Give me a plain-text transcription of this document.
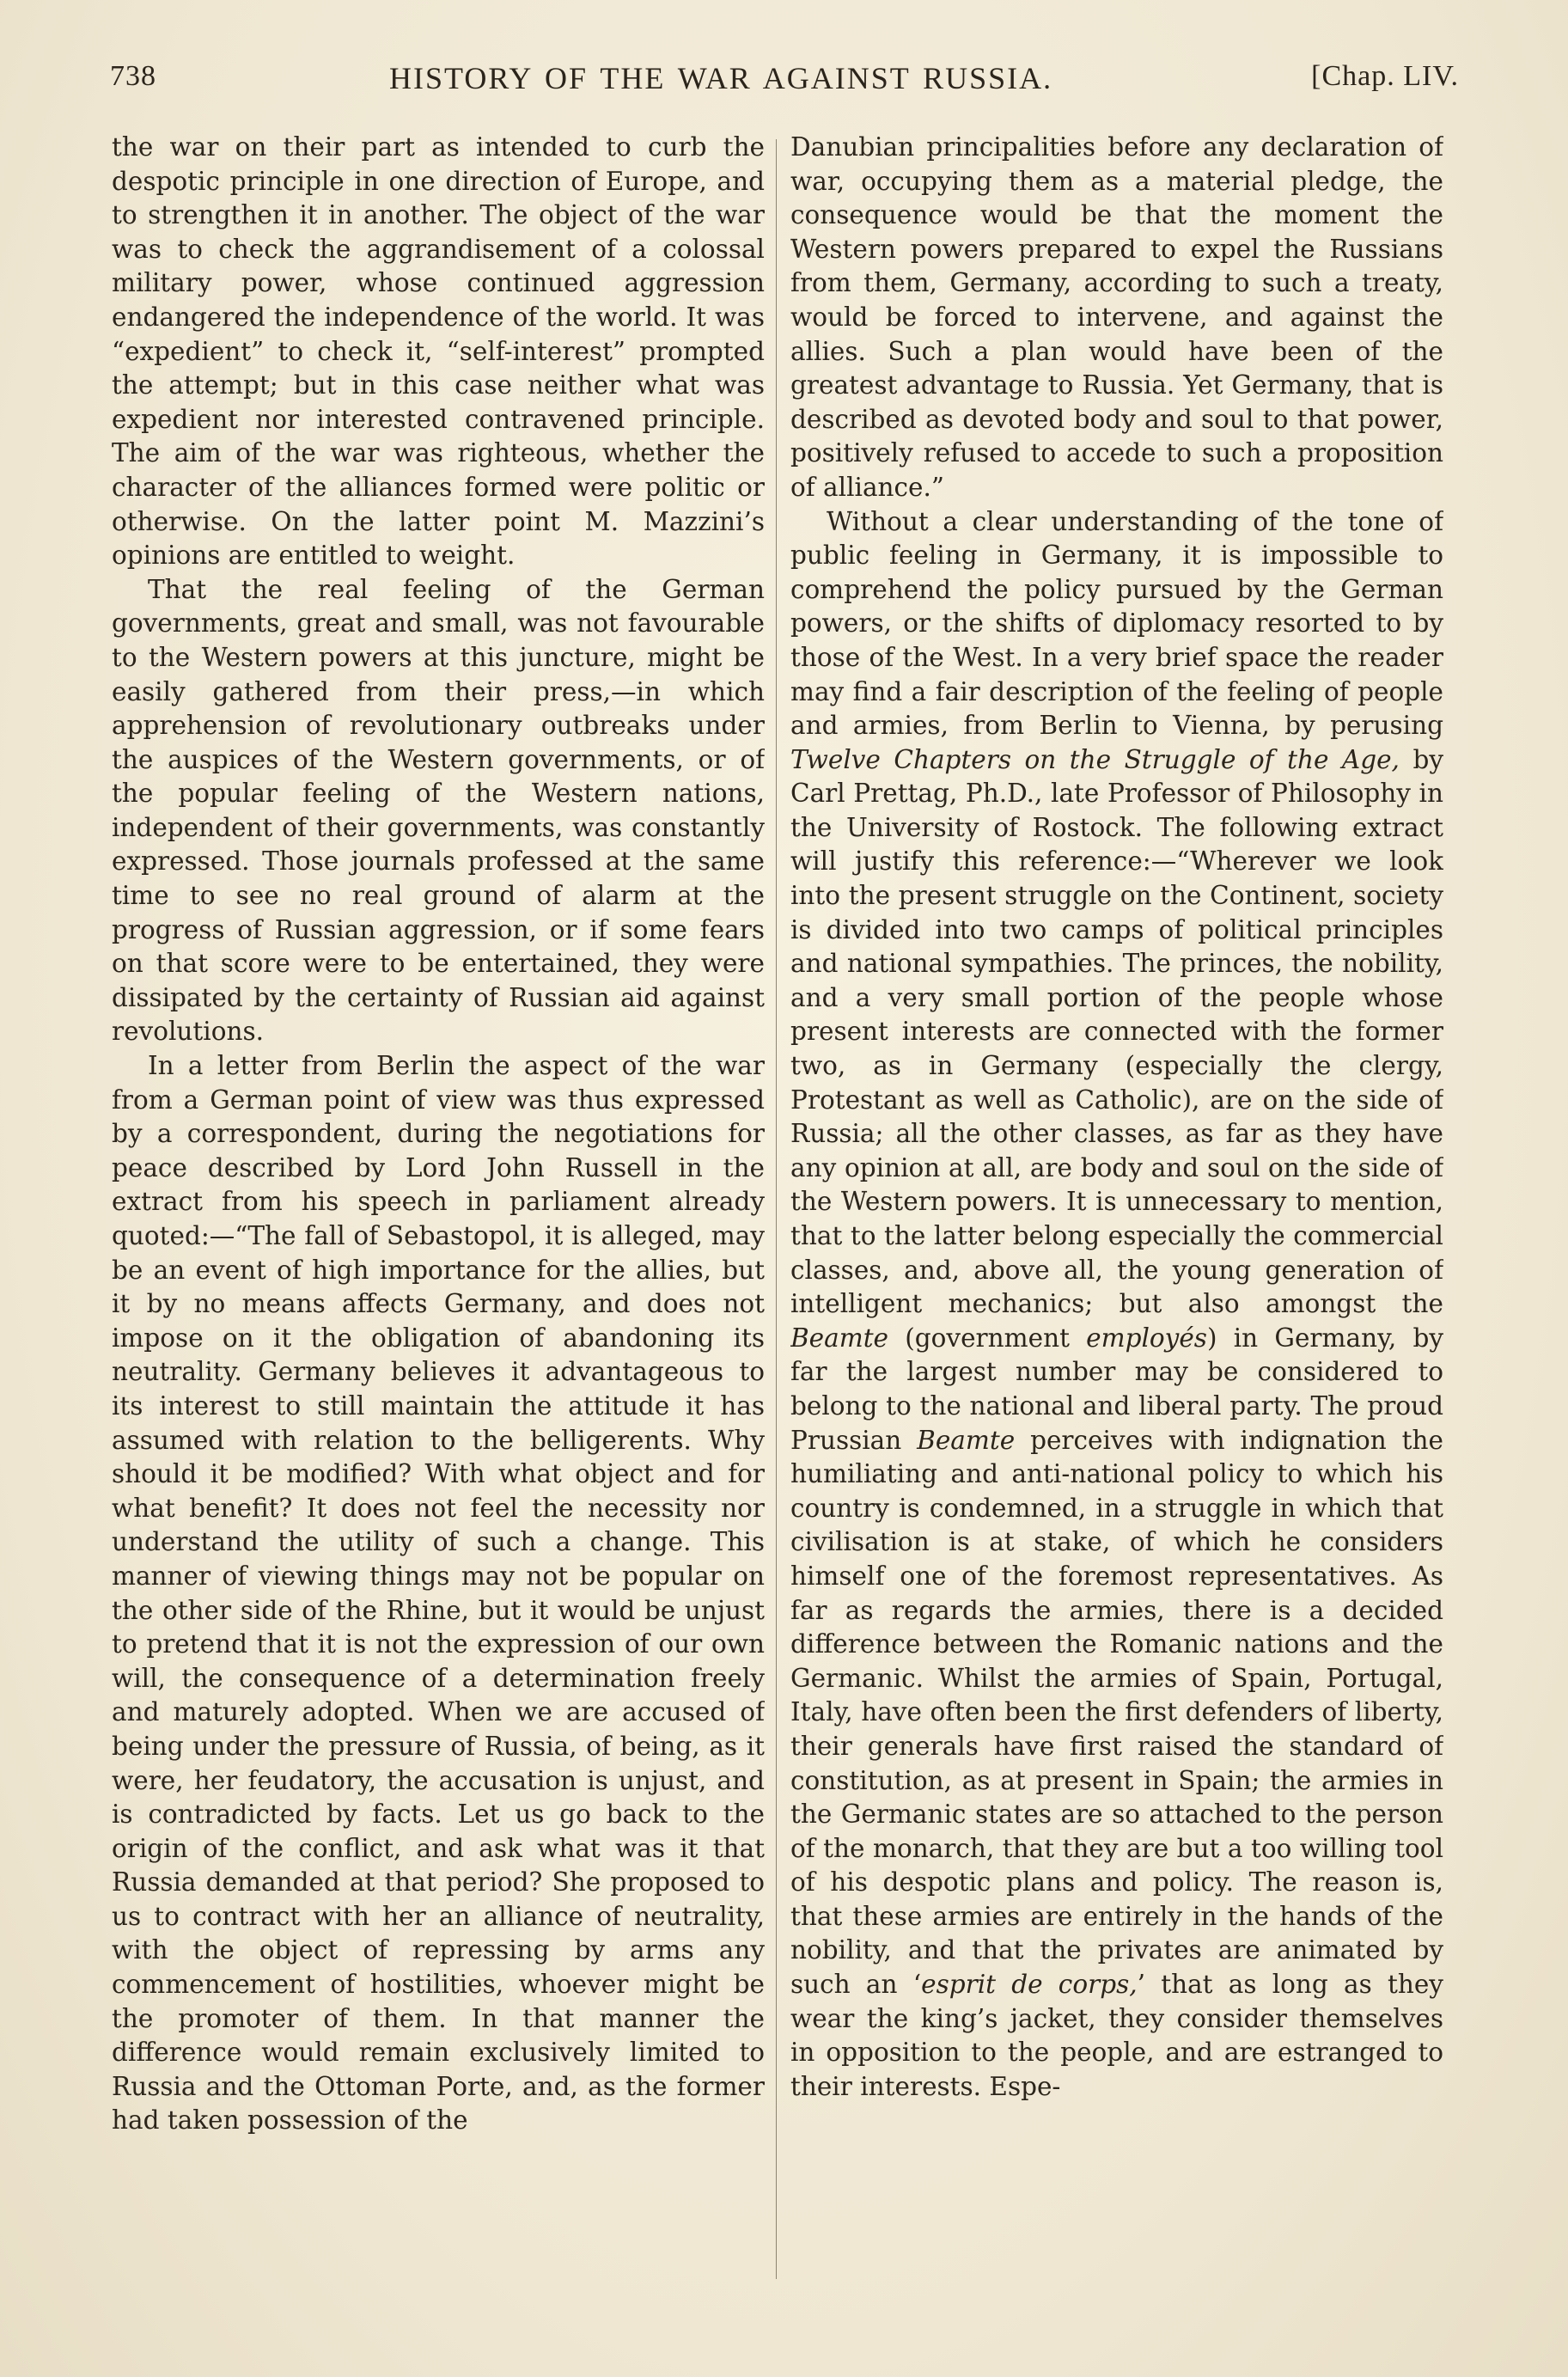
738	HISTORY OF THE WAR AGAINST RUSSIA.	[Chap. LIV.

the war on their part as intended to curb the despotic principle in one direction of Europe, and to strengthen it in another. The object of the war was to check the aggrandisement of a colossal military power, whose continued aggression endangered the independence of the world. It was “expedient” to check it, “self-interest” prompted the attempt; but in this case neither what was expedient nor interested contravened principle. The aim of the war was righteous, whether the character of the alliances formed were politic or otherwise. On the latter point M. Mazzini’s opinions are entitled to weight.

That the real feeling of the German governments, great and small, was not favourable to the Western powers at this juncture, might be easily gathered from their press,—in which apprehension of revolutionary outbreaks under the auspices of the Western governments, or of the popular feeling of the Western nations, independent of their governments, was constantly expressed. Those journals professed at the same time to see no real ground of alarm at the progress of Russian aggression, or if some fears on that score were to be entertained, they were dissipated by the certainty of Russian aid against revolutions.

In a letter from Berlin the aspect of the war from a German point of view was thus expressed by a correspondent, during the negotiations for peace described by Lord John Russell in the extract from his speech in parliament already quoted:—“The fall of Sebastopol, it is alleged, may be an event of high importance for the allies, but it by no means affects Germany, and does not impose on it the obligation of abandoning its neutrality. Germany believes it advantageous to its interest to still maintain the attitude it has assumed with relation to the belligerents. Why should it be modified? With what object and for what benefit? It does not feel the necessity nor understand the utility of such a change. This manner of viewing things may not be popular on the other side of the Rhine, but it would be unjust to pretend that it is not the expression of our own will, the consequence of a determination freely and maturely adopted. When we are accused of being under the pressure of Russia, of being, as it were, her feudatory, the accusation is unjust, and is contradicted by facts. Let us go back to the origin of the conflict, and ask what was it that Russia demanded at that period? She proposed to us to contract with her an alliance of neutrality, with the object of repressing by arms any commencement of hostilities, whoever might be the promoter of them. In that manner the difference would remain exclusively limited to Russia and the Ottoman Porte, and, as the former had taken possession of the

Danubian principalities before any declaration of war, occupying them as a material pledge, the consequence would be that the moment the Western powers prepared to expel the Russians from them, Germany, according to such a treaty, would be forced to intervene, and against the allies. Such a plan would have been of the greatest advantage to Russia. Yet Germany, that is described as devoted body and soul to that power, positively refused to accede to such a proposition of alliance.”

Without a clear understanding of the tone of public feeling in Germany, it is impossible to comprehend the policy pursued by the German powers, or the shifts of diplomacy resorted to by those of the West. In a very brief space the reader may find a fair description of the feeling of people and armies, from Berlin to Vienna, by perusing Twelve Chapters on the Struggle of the Age, by Carl Prettag, Ph.D., late Professor of Philosophy in the University of Rostock. The following extract will justify this reference:—“Wherever we look into the present struggle on the Continent, society is divided into two camps of political principles and national sympathies. The princes, the nobility, and a very small portion of the people whose present interests are connected with the former two, as in Germany (especially the clergy, Protestant as well as Catholic), are on the side of Russia; all the other classes, as far as they have any opinion at all, are body and soul on the side of the Western powers. It is unnecessary to mention, that to the latter belong especially the commercial classes, and, above all, the young generation of intelligent mechanics; but also amongst the Beamte (government employés) in Germany, by far the largest number may be considered to belong to the national and liberal party. The proud Prussian Beamte perceives with indignation the humiliating and anti-national policy to which his country is condemned, in a struggle in which that civilisation is at stake, of which he considers himself one of the foremost representatives. As far as regards the armies, there is a decided difference between the Romanic nations and the Germanic. Whilst the armies of Spain, Portugal, Italy, have often been the first defenders of liberty, their generals have first raised the standard of constitution, as at present in Spain; the armies in the Germanic states are so attached to the person of the monarch, that they are but a too willing tool of his despotic plans and policy. The reason is, that these armies are entirely in the hands of the nobility, and that the privates are animated by such an ‘esprit de corps,’ that as long as they wear the king’s jacket, they consider themselves in opposition to the people, and are estranged to their interests. Espe-
